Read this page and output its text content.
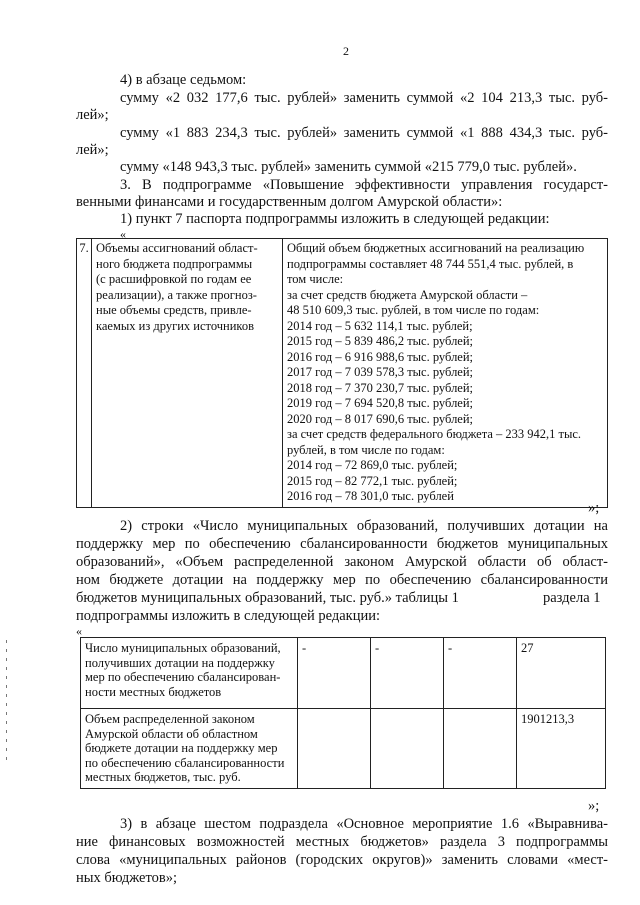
2
4) в абзаце седьмом:
сумму «2 032 177,6 тыс. рублей» заменить суммой «2 104 213,3 тыс. руб-
лей»;
сумму «1 883 234,3 тыс. рублей» заменить суммой «1 888 434,3 тыс. руб-
лей»;
сумму «148 943,3 тыс. рублей» заменить суммой «215 779,0 тыс. рублей».
3. В подпрограмме «Повышение эффективности управления государст-
венными финансами и государственным долгом Амурской области»:
1) пункт 7 паспорта подпрограммы изложить в следующей редакции:
«
7.	Объемы ассигнований област-
ного бюджета подпрограммы
(с расшифровкой по годам ее
реализации), а также прогноз-
ные объемы средств, привле-
каемых из других источников

Общий объем бюджетных ассигнований на реализацию
подпрограммы составляет 48 744 551,4 тыс. рублей, в
том числе:
за счет средств бюджета Амурской области –
48 510 609,3 тыс. рублей, в том числе по годам:
2014 год – 5 632 114,1 тыс. рублей;
2015 год – 5 839 486,2 тыс. рублей;
2016 год – 6 916 988,6 тыс. рублей;
2017 год – 7 039 578,3 тыс. рублей;
2018 год – 7 370 230,7 тыс. рублей;
2019 год – 7 694 520,8 тыс. рублей;
2020 год – 8 017 690,6 тыс. рублей;
за счет средств федерального бюджета – 233 942,1 тыс.
рублей, в том числе по годам:
2014 год – 72 869,0 тыс. рублей;
2015 год – 82 772,1 тыс. рублей;
2016 год – 78 301,0 тыс. рублей
»;
2) строки «Число муниципальных образований, получивших дотации на
поддержку мер по обеспечению сбалансированности бюджетов муниципальных
образований», «Объем распределенной законом Амурской области об област-
ном бюджете дотации на поддержку мер по обеспечению сбалансированности
бюджетов муниципальных образований, тыс. руб.» таблицы 1	раздела 1
подпрограммы изложить в следующей редакции:
«
Число муниципальных образований,
получивших дотации на поддержку
мер по обеспечению сбалансирован-
ности местных бюджетов	-	-	-	27

Объем распределенной законом
Амурской области об областном
бюджете дотации на поддержку мер
по обеспечению сбалансированности
местных бюджетов, тыс. руб.				1901213,3
»;
3) в абзаце шестом подраздела «Основное мероприятие 1.6 «Выравнива-
ние финансовых возможностей местных бюджетов» раздела 3 подпрограммы
слова «муниципальных районов (городских округов)» заменить словами «мест-
ных бюджетов»;
